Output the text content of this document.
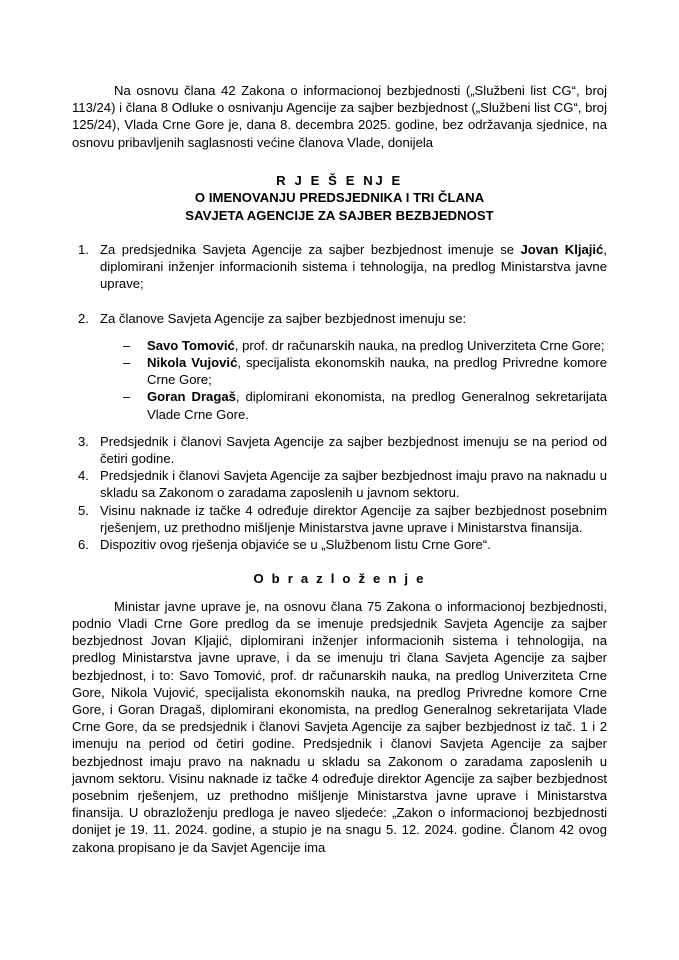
Na osnovu člana 42 Zakona o informacionoj bezbjednosti („Službeni list CG“, broj 113/24) i člana 8 Odluke o osnivanju Agencije za sajber bezbjednost („Službeni list CG“, broj 125/24), Vlada Crne Gore je, dana 8. decembra 2025. godine, bez održavanja sjednice, na osnovu pribavljenih saglasnosti većine članova Vlade, donijela

R J E Š E NJ E
O IMENOVANJU PREDSJEDNIKA I TRI ČLANA
SAVJETA AGENCIJE ZA SAJBER BEZBJEDNOST
1. Za predsjednika Savjeta Agencije za sajber bezbjednost imenuje se Jovan Kljajić, diplomirani inženjer informacionih sistema i tehnologija, na predlog Ministarstva javne uprave;
2. Za članove Savjeta Agencije za sajber bezbjednost imenuju se:
– Savo Tomović, prof. dr računarskih nauka, na predlog Univerziteta Crne Gore;
– Nikola Vujović, specijalista ekonomskih nauka, na predlog Privredne komore Crne Gore;
– Goran Dragaš, diplomirani ekonomista, na predlog Generalnog sekretarijata Vlade Crne Gore.
3. Predsjednik i članovi Savjeta Agencije za sajber bezbjednost imenuju se na period od četiri godine.
4. Predsjednik i članovi Savjeta Agencije za sajber bezbjednost imaju pravo na naknadu u skladu sa Zakonom o zaradama zaposlenih u javnom sektoru.
5. Visinu naknade iz tačke 4 određuje direktor Agencije za sajber bezbjednost posebnim rješenjem, uz prethodno mišljenje Ministarstva javne uprave i Ministarstva finansija.
6. Dispozitiv ovog rješenja objaviće se u „Službenom listu Crne Gore“.
O b r a z l o ž e n j e

Ministar javne uprave je, na osnovu člana 75 Zakona o informacionoj bezbjednosti, podnio Vladi Crne Gore predlog da se imenuje predsjednik Savjeta Agencije za sajber bezbjednost Jovan Kljajić, diplomirani inženjer informacionih sistema i tehnologija, na predlog Ministarstva javne uprave, i da se imenuju tri člana Savjeta Agencije za sajber bezbjednost, i to: Savo Tomović, prof. dr računarskih nauka, na predlog Univerziteta Crne Gore, Nikola Vujović, specijalista ekonomskih nauka, na predlog Privredne komore Crne Gore, i Goran Dragaš, diplomirani ekonomista, na predlog Generalnog sekretarijata Vlade Crne Gore, da se predsjednik i članovi Savjeta Agencije za sajber bezbjednost iz tač. 1 i 2 imenuju na period od četiri godine. Predsjednik i članovi Savjeta Agencije za sajber bezbjednost imaju pravo na naknadu u skladu sa Zakonom o zaradama zaposlenih u javnom sektoru. Visinu naknade iz tačke 4 određuje direktor Agencije za sajber bezbjednost posebnim rješenjem, uz prethodno mišljenje Ministarstva javne uprave i Ministarstva finansija. U obrazloženju predloga je naveo sljedeće: „Zakon o informacionoj bezbjednosti donijet je 19. 11. 2024. godine, a stupio je na snagu 5. 12. 2024. godine. Članom 42 ovog zakona propisano je da Savjet Agencije ima
